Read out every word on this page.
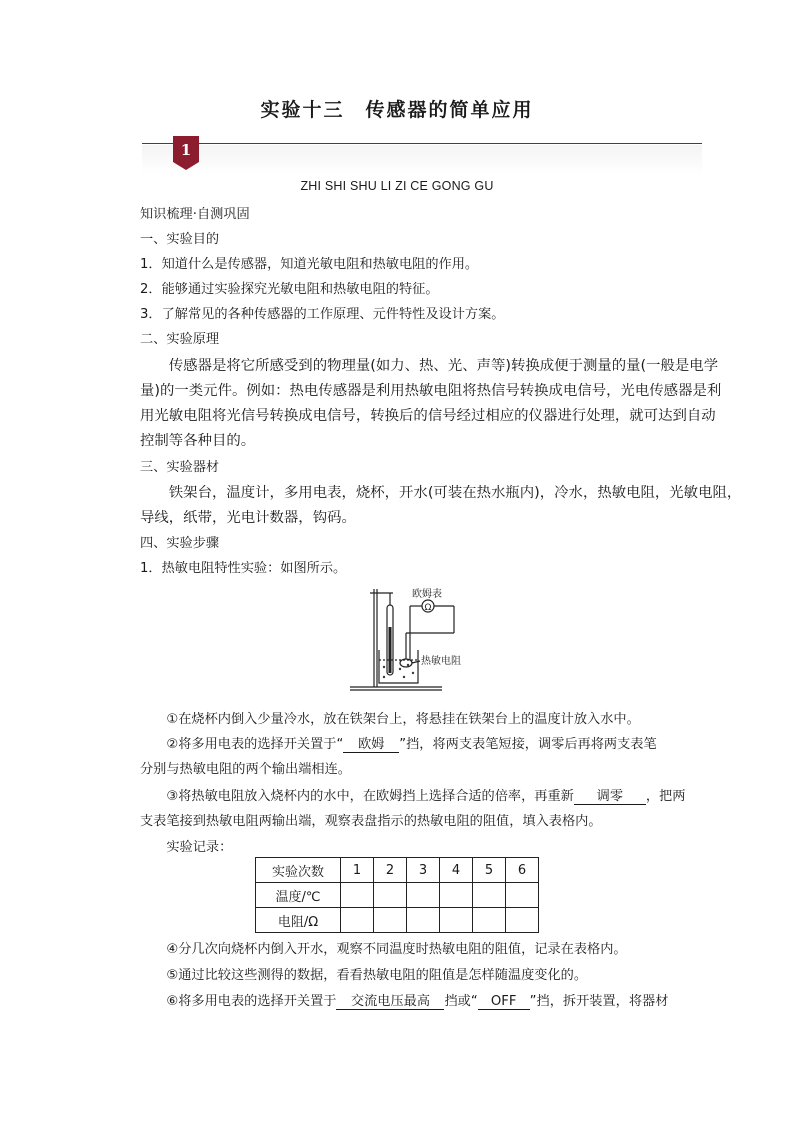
实验十三　传感器的简单应用
1
ZHI SHI SHU LI ZI CE GONG GU
知识梳理·自测巩固
一、实验目的
1．知道什么是传感器，知道光敏电阻和热敏电阻的作用。
2．能够通过实验探究光敏电阻和热敏电阻的特征。
3．了解常见的各种传感器的工作原理、元件特性及设计方案。
二、实验原理
　　传感器是将它所感受到的物理量(如力、热、光、声等)转换成便于测量的量(一般是电学
量)的一类元件。例如：热电传感器是利用热敏电阻将热信号转换成电信号，光电传感器是利
用光敏电阻将光信号转换成电信号，转换后的信号经过相应的仪器进行处理，就可达到自动
控制等各种目的。
三、实验器材
　　铁架台，温度计，多用电表，烧杯，开水(可装在热水瓶内)，冷水，热敏电阻，光敏电阻，
导线，纸带，光电计数器，钩码。
四、实验步骤
1．热敏电阻特性实验：如图所示。
Ω
欧姆表
热敏电阻
　　①在烧杯内倒入少量冷水，放在铁架台上，将悬挂在铁架台上的温度计放入水中。
　　②将多用电表的选择开关置于“ 欧姆 ”挡，将两支表笔短接，调零后再将两支表笔
分别与热敏电阻的两个输出端相连。
　　③将热敏电阻放入烧杯内的水中，在欧姆挡上选择合适的倍率，再重新 调零 ，把两
支表笔接到热敏电阻两输出端，观察表盘指示的热敏电阻的阻值，填入表格内。
　　实验记录：
实验次数	1	2	3	4	5	6
温度/℃						
电阻/Ω						
　　④分几次向烧杯内倒入开水，观察不同温度时热敏电阻的阻值，记录在表格内。
　　⑤通过比较这些测得的数据，看看热敏电阻的阻值是怎样随温度变化的。
　　⑥将多用电表的选择开关置于 交流电压最高 挡或“ OFF ”挡，拆开装置，将器材
